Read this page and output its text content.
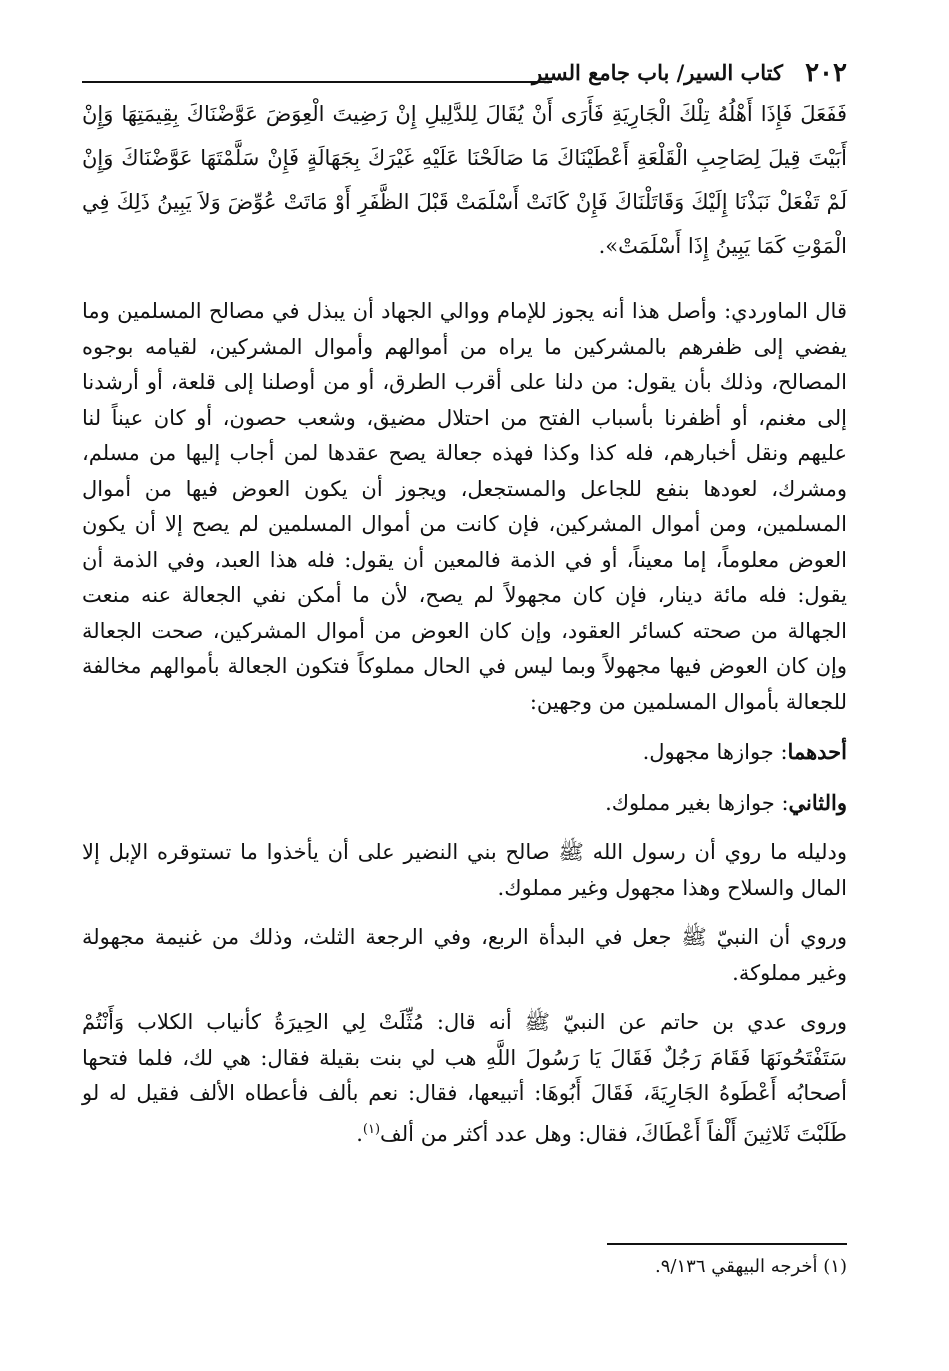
٢٠٢
كتاب السير/ باب جامع السير

فَفَعَلَ فَإِذَا أَهْلُهُ تِلْكَ الْجَارِيَةِ فَأَرَى أَنْ يُقَالَ لِلدَّلِيلِ إِنْ رَضِيتَ الْعِوَضَ عَوَّضْنَاكَ بِقِيمَتِهَا وَإِنْ أَبَيْتَ قِيلَ لِصَاحِبِ الْقَلْعَةِ أَعْطَيْنَاكَ مَا صَالَحْنَا عَلَيْهِ غَيْرَكَ بِجَهَالَةٍ فَإِنْ سَلَّمْتَهَا عَوَّضْنَاكَ وَإِنْ لَمْ تَفْعَلْ نَبَذْنَا إِلَيْكَ وَقَاتَلْنَاكَ فَإِنْ كَانَتْ أَسْلَمَتْ قَبْلَ الظَّفَرِ أَوْ مَاتَتْ عُوِّضَ وَلاَ يَبِينُ ذَلِكَ فِي الْمَوْتِ كَمَا يَبِينُ إِذَا أَسْلَمَتْ».

قال الماوردي: وأصل هذا أنه يجوز للإمام ووالي الجهاد أن يبذل في مصالح المسلمين وما يفضي إلى ظفرهم بالمشركين ما يراه من أموالهم وأموال المشركين، لقيامه بوجوه المصالح، وذلك بأن يقول: من دلنا على أقرب الطرق، أو من أوصلنا إلى قلعة، أو أرشدنا إلى مغنم، أو أظفرنا بأسباب الفتح من احتلال مضيق، وشعب حصون، أو كان عيناً لنا عليهم ونقل أخبارهم، فله كذا وكذا فهذه جعالة يصح عقدها لمن أجاب إليها من مسلم، ومشرك، لعودها بنفع للجاعل والمستجعل، ويجوز أن يكون العوض فيها من أموال المسلمين، ومن أموال المشركين، فإن كانت من أموال المسلمين لم يصح إلا أن يكون العوض معلوماً، إما معيناً، أو في الذمة فالمعين أن يقول: فله هذا العبد، وفي الذمة أن يقول: فله مائة دينار، فإن كان مجهولاً لم يصح، لأن ما أمكن نفي الجعالة عنه منعت الجهالة من صحته كسائر العقود، وإن كان العوض من أموال المشركين، صحت الجعالة وإن كان العوض فيها مجهولاً وبما ليس في الحال مملوكاً فتكون الجعالة بأموالهم مخالفة للجعالة بأموال المسلمين من وجهين:

أحدهما: جوازها مجهول.

والثاني: جوازها بغير مملوك.

ودليله ما روي أن رسول الله ﷺ صالح بني النضير على أن يأخذوا ما تستوقره الإبل إلا المال والسلاح وهذا مجهول وغير مملوك.

وروي أن النبيّ ﷺ جعل في البدأة الربع، وفي الرجعة الثلث، وذلك من غنيمة مجهولة وغير مملوكة.

وروى عدي بن حاتم عن النبيّ ﷺ أنه قال: مُثِّلَتْ لِي الحِيرَةُ كأنياب الكلاب وَأَنْتُمْ سَتَفْتَحُونَهَا فَقَامَ رَجُلٌ فَقَالَ يَا رَسُولَ اللَّهِ هب لي بنت بقيلة فقال: هي لك، فلما فتحها أصحابُه أَعْطَوهُ الجَارِيَةَ، فَقَالَ أَبُوهَا: أتبيعها، فقال: نعم بألف فأعطاه الألف فقيل له لو طَلَبْتَ ثَلاثِينَ أَلْفاً أَعْطَاكَ، فقال: وهل عدد أكثر من ألف$^{(١)}$.

(١) أخرجه البيهقي ٩/١٣٦.
